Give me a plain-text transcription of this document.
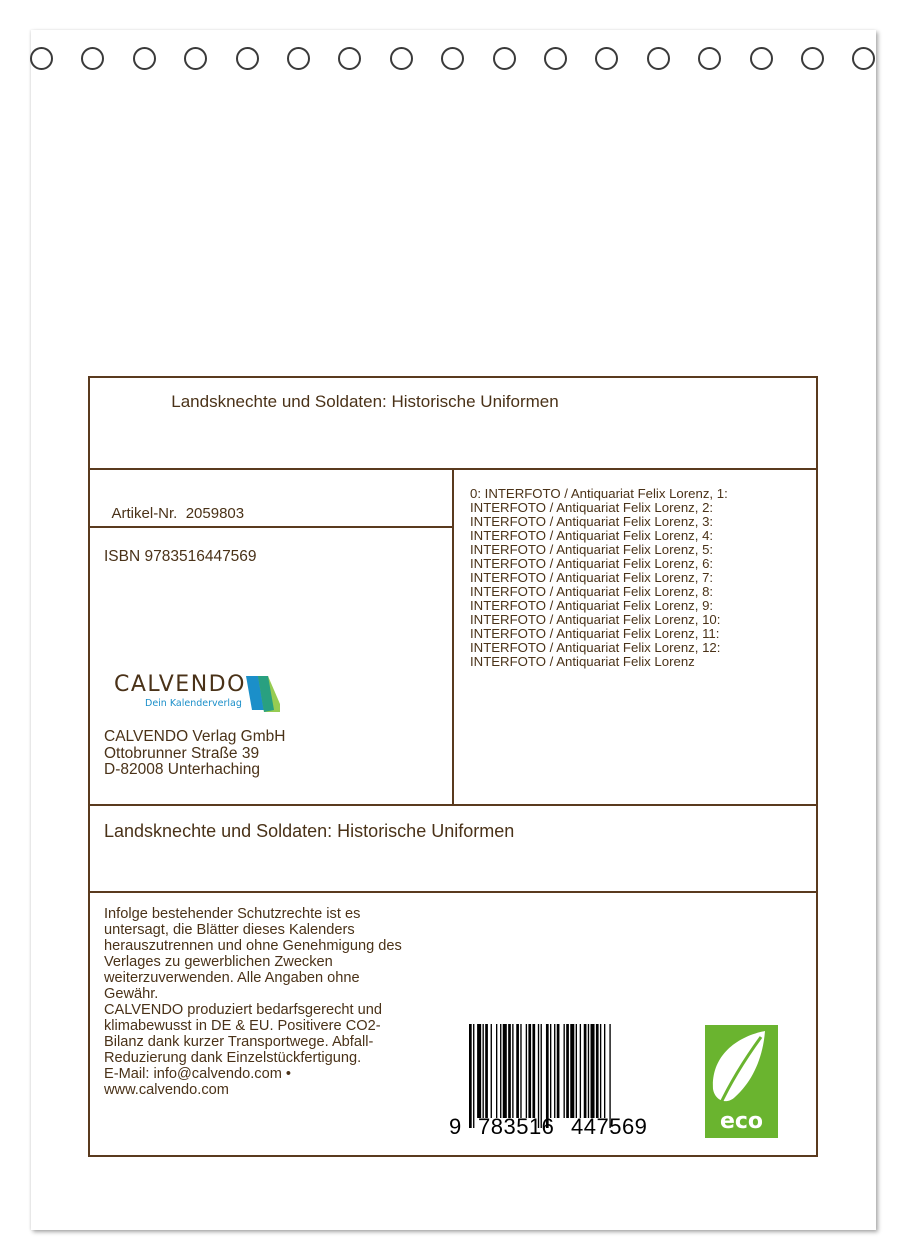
Landsknechte und Soldaten: Historische Uniformen

Artikel-Nr. 2059803

ISBN 9783516447569
0: INTERFOTO / Antiquariat Felix Lorenz, 1:
INTERFOTO / Antiquariat Felix Lorenz, 2:
INTERFOTO / Antiquariat Felix Lorenz, 3:
INTERFOTO / Antiquariat Felix Lorenz, 4:
INTERFOTO / Antiquariat Felix Lorenz, 5:
INTERFOTO / Antiquariat Felix Lorenz, 6:
INTERFOTO / Antiquariat Felix Lorenz, 7:
INTERFOTO / Antiquariat Felix Lorenz, 8:
INTERFOTO / Antiquariat Felix Lorenz, 9:
INTERFOTO / Antiquariat Felix Lorenz, 10:
INTERFOTO / Antiquariat Felix Lorenz, 11:
INTERFOTO / Antiquariat Felix Lorenz, 12:
INTERFOTO / Antiquariat Felix Lorenz
CALVENDO
Dein Kalenderverlag
CALVENDO Verlag GmbH
Ottobrunner Straße 39
D-82008 Unterhaching
Landsknechte und Soldaten: Historische Uniformen
Infolge bestehender Schutzrechte ist es
untersagt, die Blätter dieses Kalenders
herauszutrennen und ohne Genehmigung des
Verlages zu gewerblichen Zwecken
weiterzuverwenden. Alle Angaben ohne
Gewähr.
CALVENDO produziert bedarfsgerecht und
klimabewusst in DE & EU. Positivere CO2-
Bilanz dank kurzer Transportwege. Abfall-
Reduzierung dank Einzelstückfertigung.
E-Mail: info@calvendo.com •
www.calvendo.com
9 783516 447569	eco
